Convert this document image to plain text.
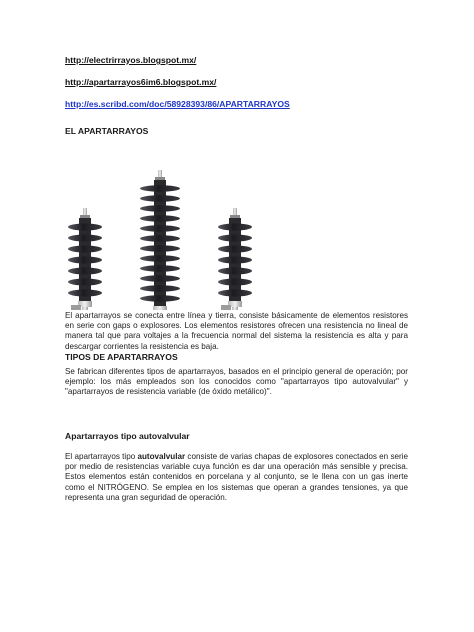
http://electrirrayos.blogspot.mx/
http://apartarrayos6im6.blogspot.mx/
http://es.scribd.com/doc/58928393/86/APARTARRAYOS
EL APARTARRAYOS
El apartarrayos se conecta entre línea y tierra, consiste básicamente de elementos resistores en serie con gaps o explosores. Los elementos resistores ofrecen una resistencia no lineal de manera tal que para voltajes a la frecuencia normal del sistema la resistencia es alta y para descargar corrientes la resistencia es baja.
TIPOS DE APARTARRAYOS
Se fabrican diferentes tipos de apartarrayos, basados en el principio general de operación; por ejemplo: los más empleados son los conocidos como "apartarrayos tipo autovalvular" y "apartarrayos de resistencia variable (de óxido metálico)".
Apartarrayos tipo autovalvular
El apartarrayos tipo autovalvular consiste de varias chapas de explosores conectados en serie por medio de resistencias variable cuya función es dar una operación más sensible y precisa. Estos elementos están contenidos en porcelana y al conjunto, se le llena con un gas inerte como el NITRÓGENO. Se emplea en los sistemas que operan a grandes tensiones, ya que representa una gran seguridad de operación.
